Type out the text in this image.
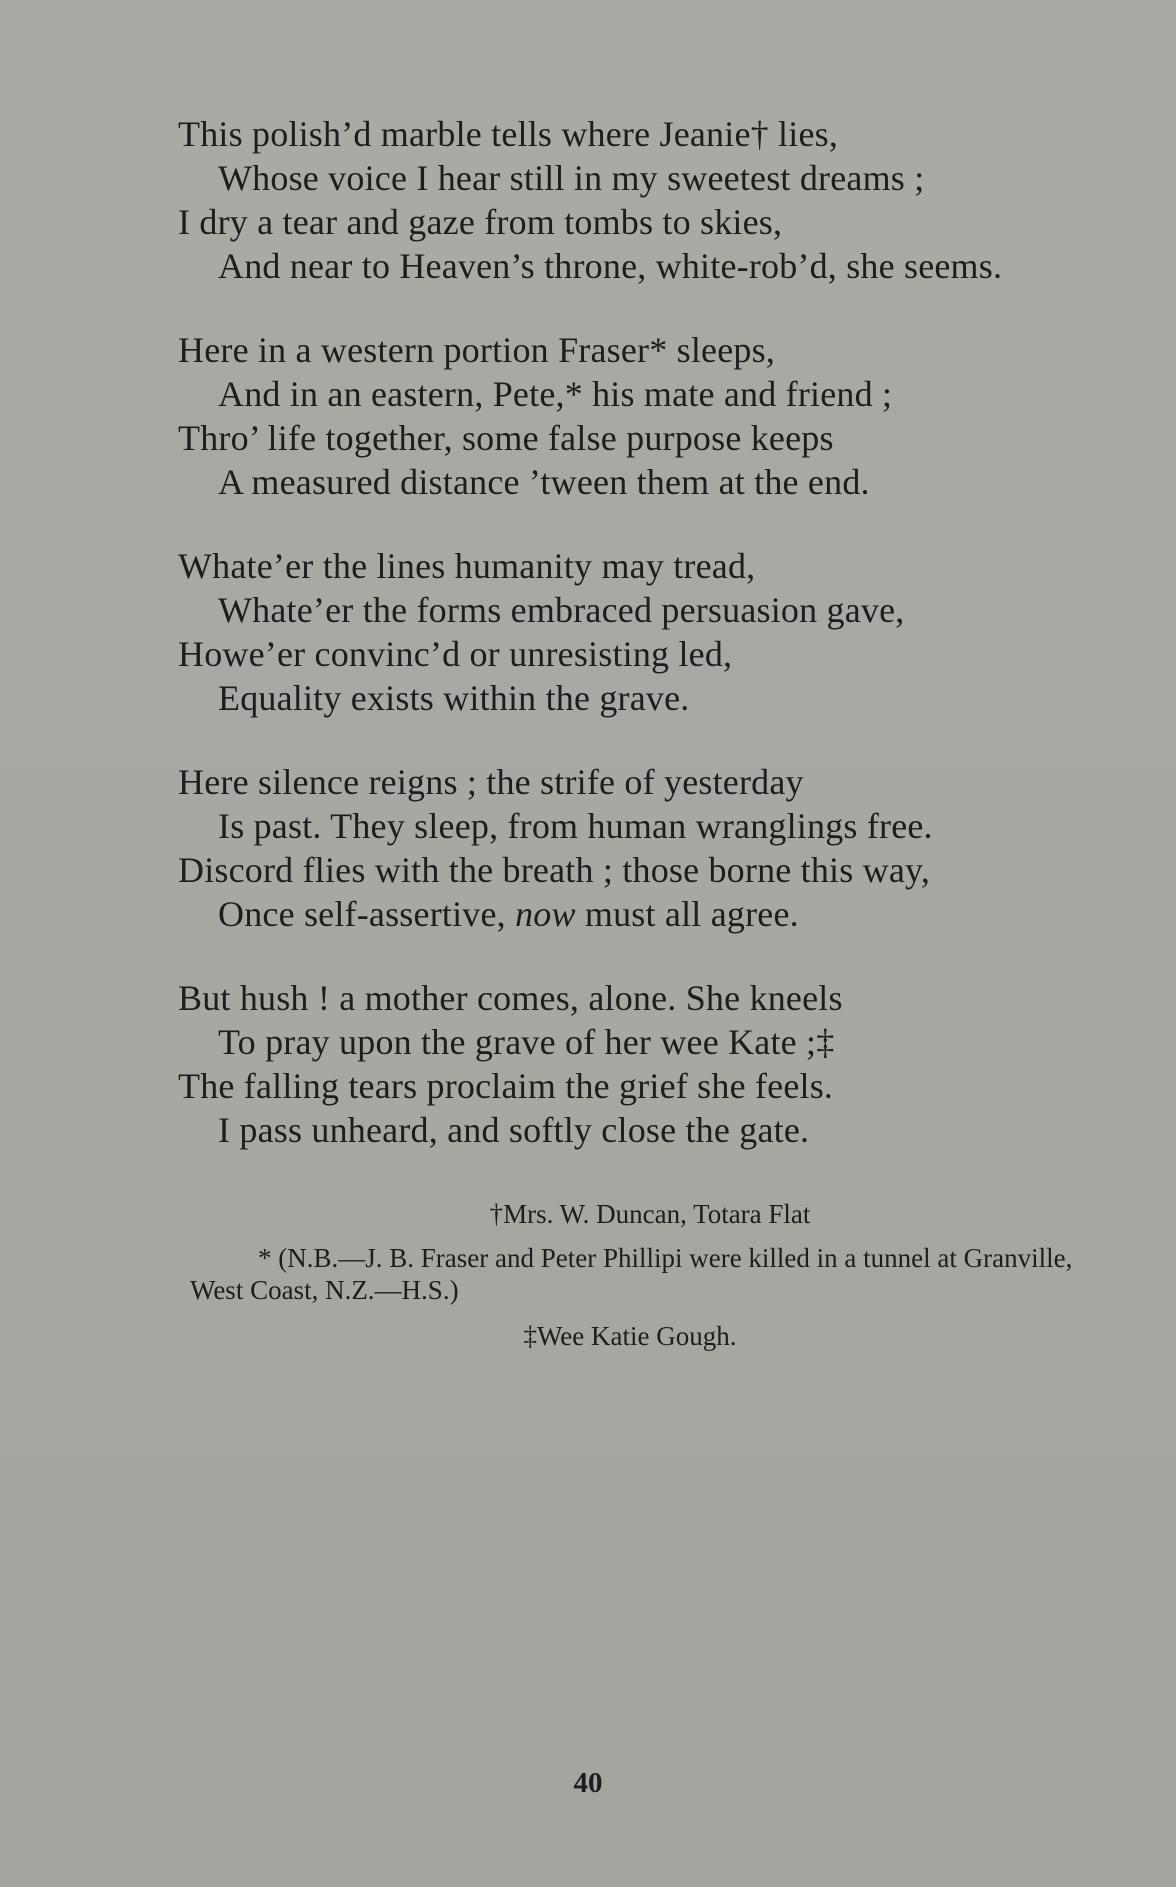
This polish’d marble tells where Jeanie† lies,
Whose voice I hear still in my sweetest dreams ;
I dry a tear and gaze from tombs to skies,
And near to Heaven’s throne, white-rob’d, she seems.
Here in a western portion Fraser* sleeps,
And in an eastern, Pete,* his mate and friend ;
Thro’ life together, some false purpose keeps
A measured distance ’tween them at the end.
Whate’er the lines humanity may tread,
Whate’er the forms embraced persuasion gave,
Howe’er convinc’d or unresisting led,
Equality exists within the grave.
Here silence reigns ; the strife of yesterday
Is past. They sleep, from human wranglings free.
Discord flies with the breath ; those borne this way,
Once self-assertive, now must all agree.
But hush ! a mother comes, alone. She kneels
To pray upon the grave of her wee Kate ;‡
The falling tears proclaim the grief she feels.
I pass unheard, and softly close the gate.
†Mrs. W. Duncan, Totara Flat
* (N.B.—J. B. Fraser and Peter Phillipi were killed in a tunnel at Granville, West Coast, N.Z.—H.S.)
‡Wee Katie Gough.
40
